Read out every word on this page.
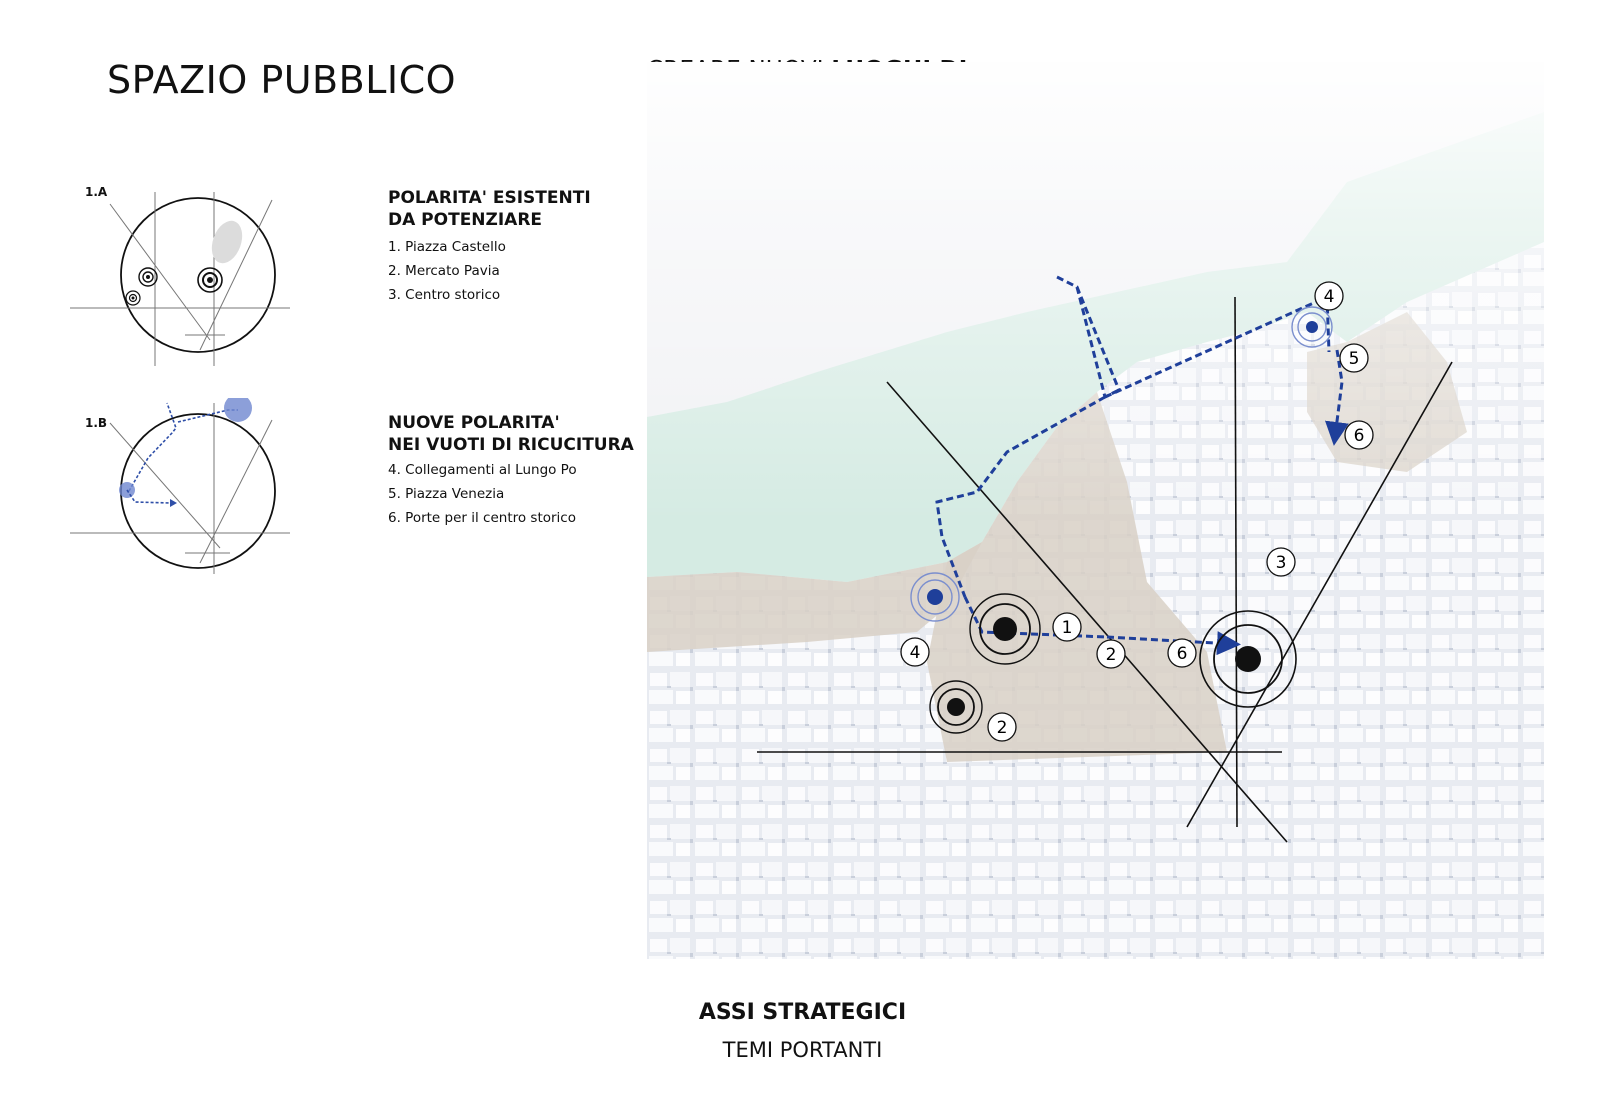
SPAZIO PUBBLICO
1.A	POLARITA' ESISTENTI
DA POTENZIARE
1. Piazza Castello
2. Mercato Pavia
3. Centro storico
1.B	NUOVE POLARITA'
NEI VUOTI DI RICUCITURA
4. Collegamenti al Lungo Po
5. Piazza Venezia
6. Porte per il centro storico
1
2	6
4
2
3
4
5
6
ASSI STRATEGICI
TEMI PORTANTI
